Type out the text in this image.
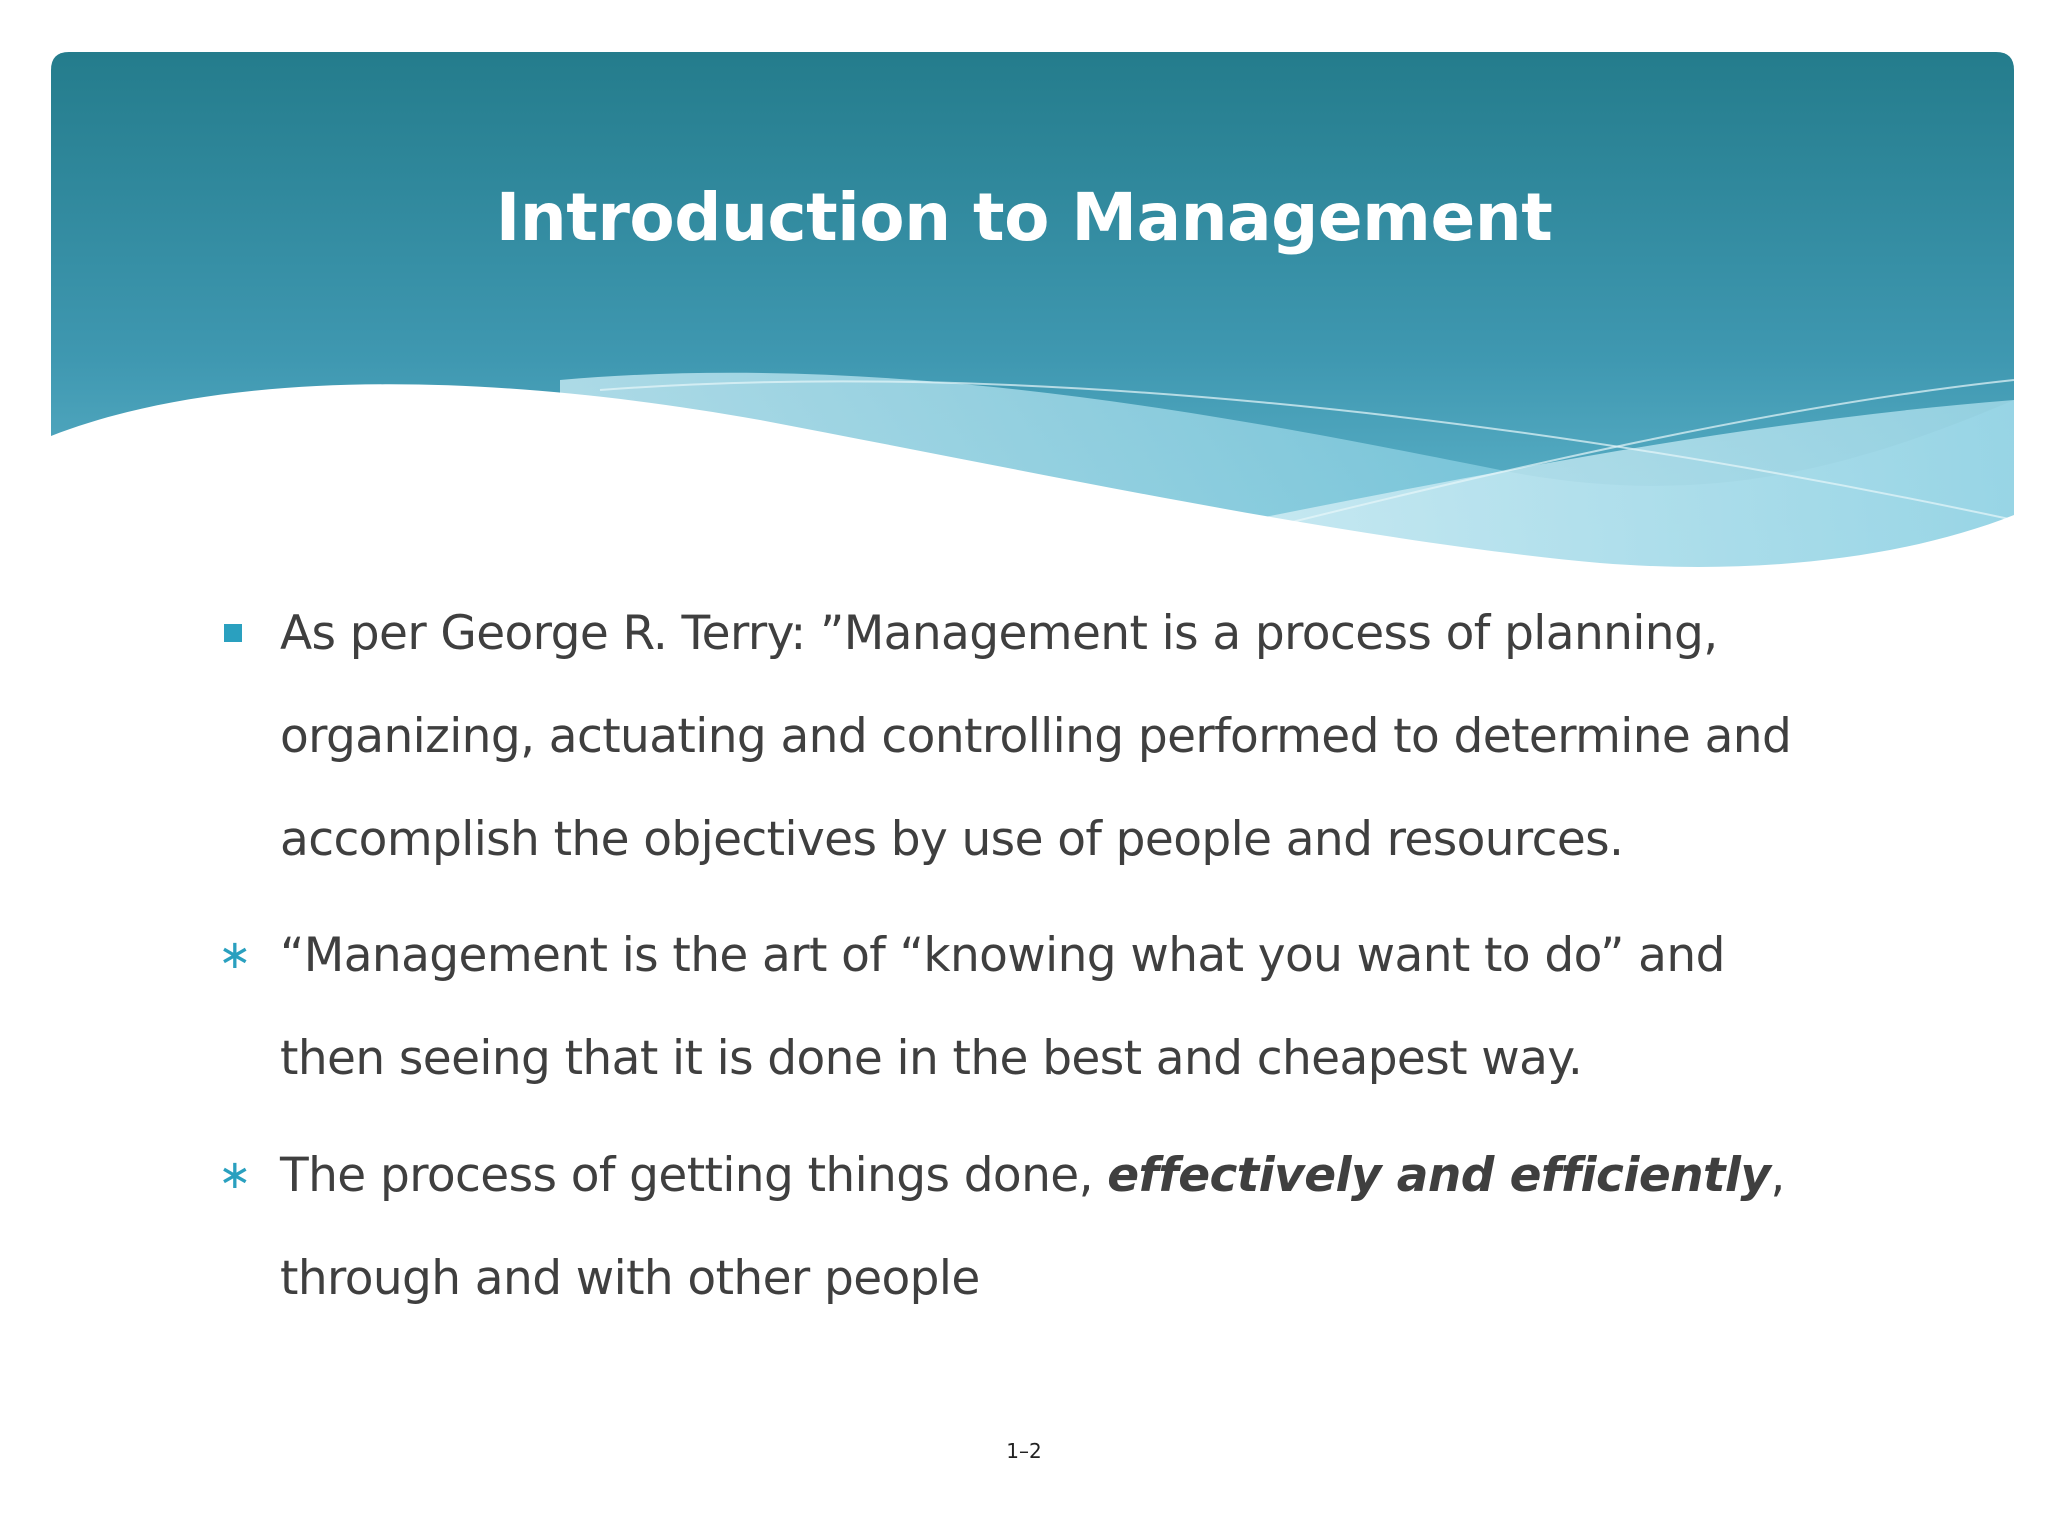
Introduction to Management
As per George R. Terry: ”Management is a process of planning, organizing, actuating and controlling performed to determine and accomplish the objectives by use of people and resources.
∗ “Management is the art of “knowing what you want to do” and then seeing that it is done in the best and cheapest way.
∗ The process of getting things done, effectively and efficiently, through and with other people
1–2
